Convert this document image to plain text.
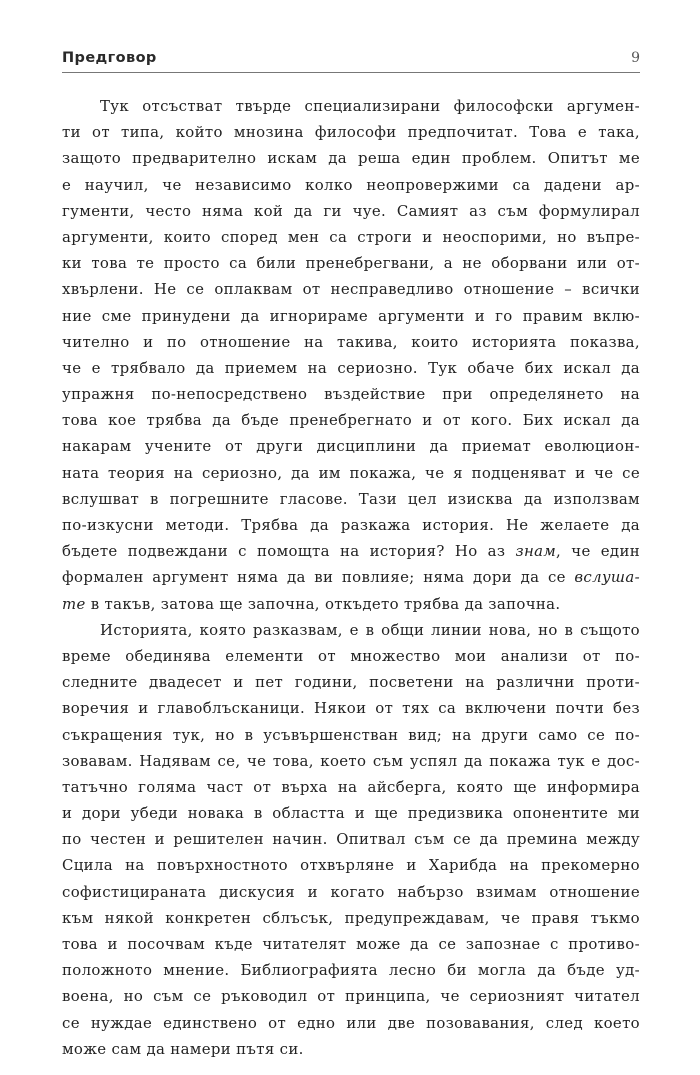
Предговор	9
Тук отсъстват твърде специализирани философски аргумен-
ти от типа, който мнозина философи предпочитат. Това е така,
защото предварително искам да реша един проблем. Опитът ме
е научил, че независимо колко неопровержими са дадени ар-
гументи, често няма кой да ги чуе. Самият аз съм формулирал
аргументи, които според мен са строги и неоспорими, но въпре-
ки това те просто са били пренебрегвани, а не оборвани или от-
хвърлени. Не се оплаквам от несправедливо отношение – всички
ние сме принудени да игнорираме аргументи и го правим вклю-
чително и по отношение на такива, които историята показва,
че е трябвало да приемем на сериозно. Тук обаче бих искал да
упражня по-непосредствено въздействие при определянето на
това кое трябва да бъде пренебрегнато и от кого. Бих искал да
накарам учените от други дисциплини да приемат еволюцион-
ната теория на сериозно, да им покажа, че я подценяват и че се
вслушват в погрешните гласове. Тази цел изисква да използвам
по-изкусни методи. Трябва да разкажа история. Не желаете да
бъдете подвеждани с помощта на история? Но аз знам, че един
формален аргумент няма да ви повлияе; няма дори да се вслуша-
те в такъв, затова ще започна, откъдето трябва да започна.
Историята, която разказвам, е в общи линии нова, но в същото
време обединява елементи от множество мои анализи от по-
следните двадесет и пет години, посветени на различни проти-
воречия и главоблъсканици. Някои от тях са включени почти без
съкращения тук, но в усъвършенстван вид; на други само се по-
зовавам. Надявам се, че това, което съм успял да покажа тук е дос-
татъчно голяма част от върха на айсберга, която ще информира
и дори убеди новака в областта и ще предизвика опонентите ми
по честен и решителен начин. Опитвал съм се да премина между
Сцила на повърхностното отхвърляне и Харибда на прекомерно
софистицираната дискусия и когато набързо взимам отношение
към някой конкретен сблъсък, предупреждавам, че правя тъкмо
това и посочвам къде читателят може да се запознае с противо-
положното мнение. Библиографията лесно би могла да бъде уд-
воена, но съм се ръководил от принципа, че сериозният читател
се нуждае единствено от едно или две позовавания, след което
може сам да намери пътя си.
